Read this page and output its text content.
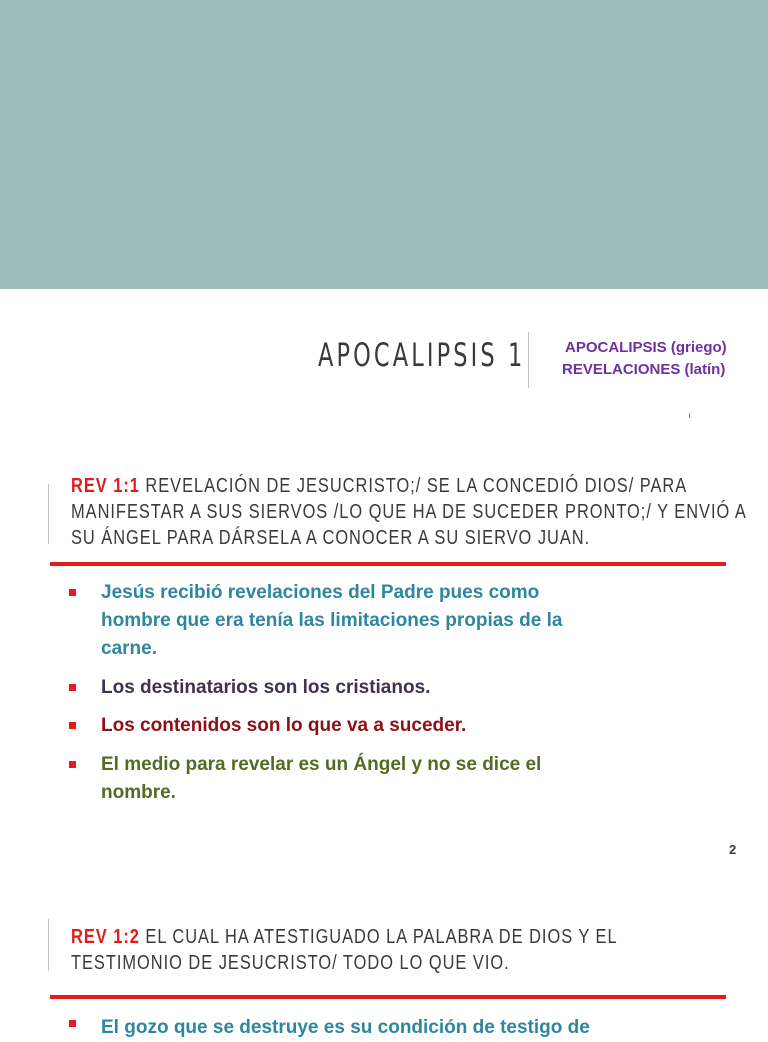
APOCALIPSIS 1	APOCALIPSIS (griego)
REVELACIONES (latín)
REV 1:1 REVELACIÓN DE JESUCRISTO;/ SE LA CONCEDIÓ DIOS/ PARA
MANIFESTAR A SUS SIERVOS /LO QUE HA DE SUCEDER PRONTO;/ Y ENVIÓ A
SU ÁNGEL PARA DÁRSELA A CONOCER A SU SIERVO JUAN.
Jesús recibió revelaciones del Padre pues como
hombre que era tenía las limitaciones propias de la
carne.
Los destinatarios son los cristianos.
Los contenidos son lo que va a suceder.
El medio para revelar es un Ángel y no se dice el
nombre.
2
REV 1:2 EL CUAL HA ATESTIGUADO LA PALABRA DE DIOS Y EL
TESTIMONIO DE JESUCRISTO/ TODO LO QUE VIO.
El gozo que se destruye es su condición de testigo de
